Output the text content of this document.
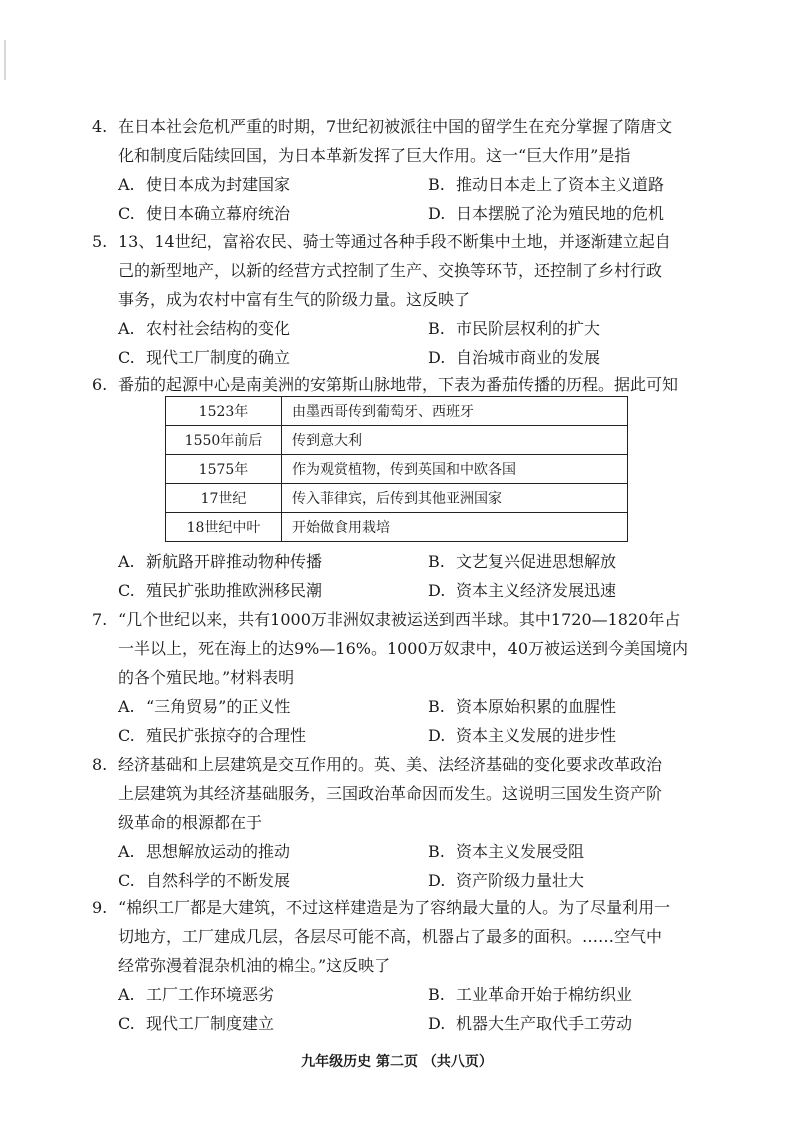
4. 在日本社会危机严重的时期，7世纪初被派往中国的留学生在充分掌握了隋唐文
化和制度后陆续回国，为日本革新发挥了巨大作用。这一“巨大作用”是指
A. 使日本成为封建国家	B. 推动日本走上了资本主义道路
C. 使日本确立幕府统治	D. 日本摆脱了沦为殖民地的危机
5. 13、14世纪，富裕农民、骑士等通过各种手段不断集中土地，并逐渐建立起自
己的新型地产，以新的经营方式控制了生产、交换等环节，还控制了乡村行政
事务，成为农村中富有生气的阶级力量。这反映了
A. 农村社会结构的变化	B. 市民阶层权利的扩大
C. 现代工厂制度的确立	D. 自治城市商业的发展
6. 番茄的起源中心是南美洲的安第斯山脉地带，下表为番茄传播的历程。据此可知
1523年	由墨西哥传到葡萄牙、西班牙
1550年前后	传到意大利
1575年	作为观赏植物，传到英国和中欧各国
17世纪	传入菲律宾，后传到其他亚洲国家
18世纪中叶	开始做食用栽培
A. 新航路开辟推动物种传播	B. 文艺复兴促进思想解放
C. 殖民扩张助推欧洲移民潮	D. 资本主义经济发展迅速
7. “几个世纪以来，共有1000万非洲奴隶被运送到西半球。其中1720—1820年占
一半以上，死在海上的达9%—16%。1000万奴隶中，40万被运送到今美国境内
的各个殖民地。”材料表明
A. “三角贸易”的正义性	B. 资本原始积累的血腥性
C. 殖民扩张掠夺的合理性	D. 资本主义发展的进步性
8. 经济基础和上层建筑是交互作用的。英、美、法经济基础的变化要求改革政治
上层建筑为其经济基础服务，三国政治革命因而发生。这说明三国发生资产阶
级革命的根源都在于
A. 思想解放运动的推动	B. 资本主义发展受阻
C. 自然科学的不断发展	D. 资产阶级力量壮大
9. “棉织工厂都是大建筑，不过这样建造是为了容纳最大量的人。为了尽量利用一
切地方，工厂建成几层，各层尽可能不高，机器占了最多的面积。……空气中
经常弥漫着混杂机油的棉尘。”这反映了
A. 工厂工作环境恶劣	B. 工业革命开始于棉纺织业
C. 现代工厂制度建立	D. 机器大生产取代手工劳动
九年级历史 第二页 （共八页）
